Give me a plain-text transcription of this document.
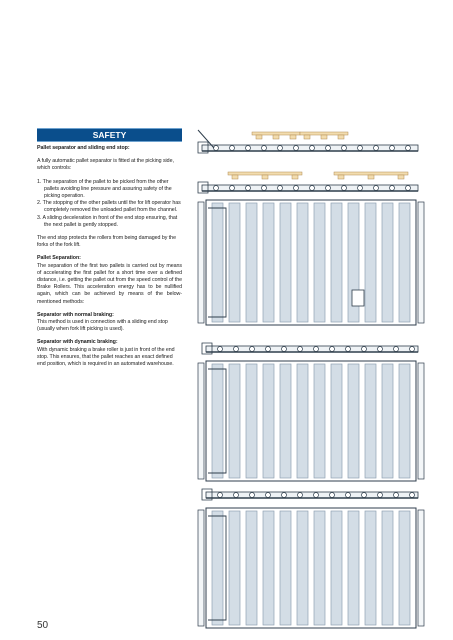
SAFETY

Pallet separator and sliding end stop:

A fully automatic pallet separator is fitted at the picking side, which controls:

1. The separation of the pallet to be picked from the other pallets avoiding line pressure and assuring safety of the picking operation.
2. The stopping of the other pallets until the for lift operator has completely removed the unloaded pallet from the channel.
3. A sliding deceleration in front of the end stop ensuring, that the next pallet is gently stopped.

The end stop protects the rollers from being damaged by the forks of the fork lift.

Pallet Separation:

The separation of the first two pallets is carried out by means of accelerating the first pallet for a short time over a defined distance, i.e. getting the pallet out from the speed control of the Brake Rollers. This acceleration energy has to be nullified again, which can be achieved by means of the below-mentioned methods:

Separator with normal braking:

This method is used in connection with a sliding end stop (usually when fork lift picking is used).

Separator with dynamic braking:

With dynamic braking a brake roller is just in front of the end stop. This ensures, that the pallet reaches an exact defined end position, which is required in an automated warehouse.

50
